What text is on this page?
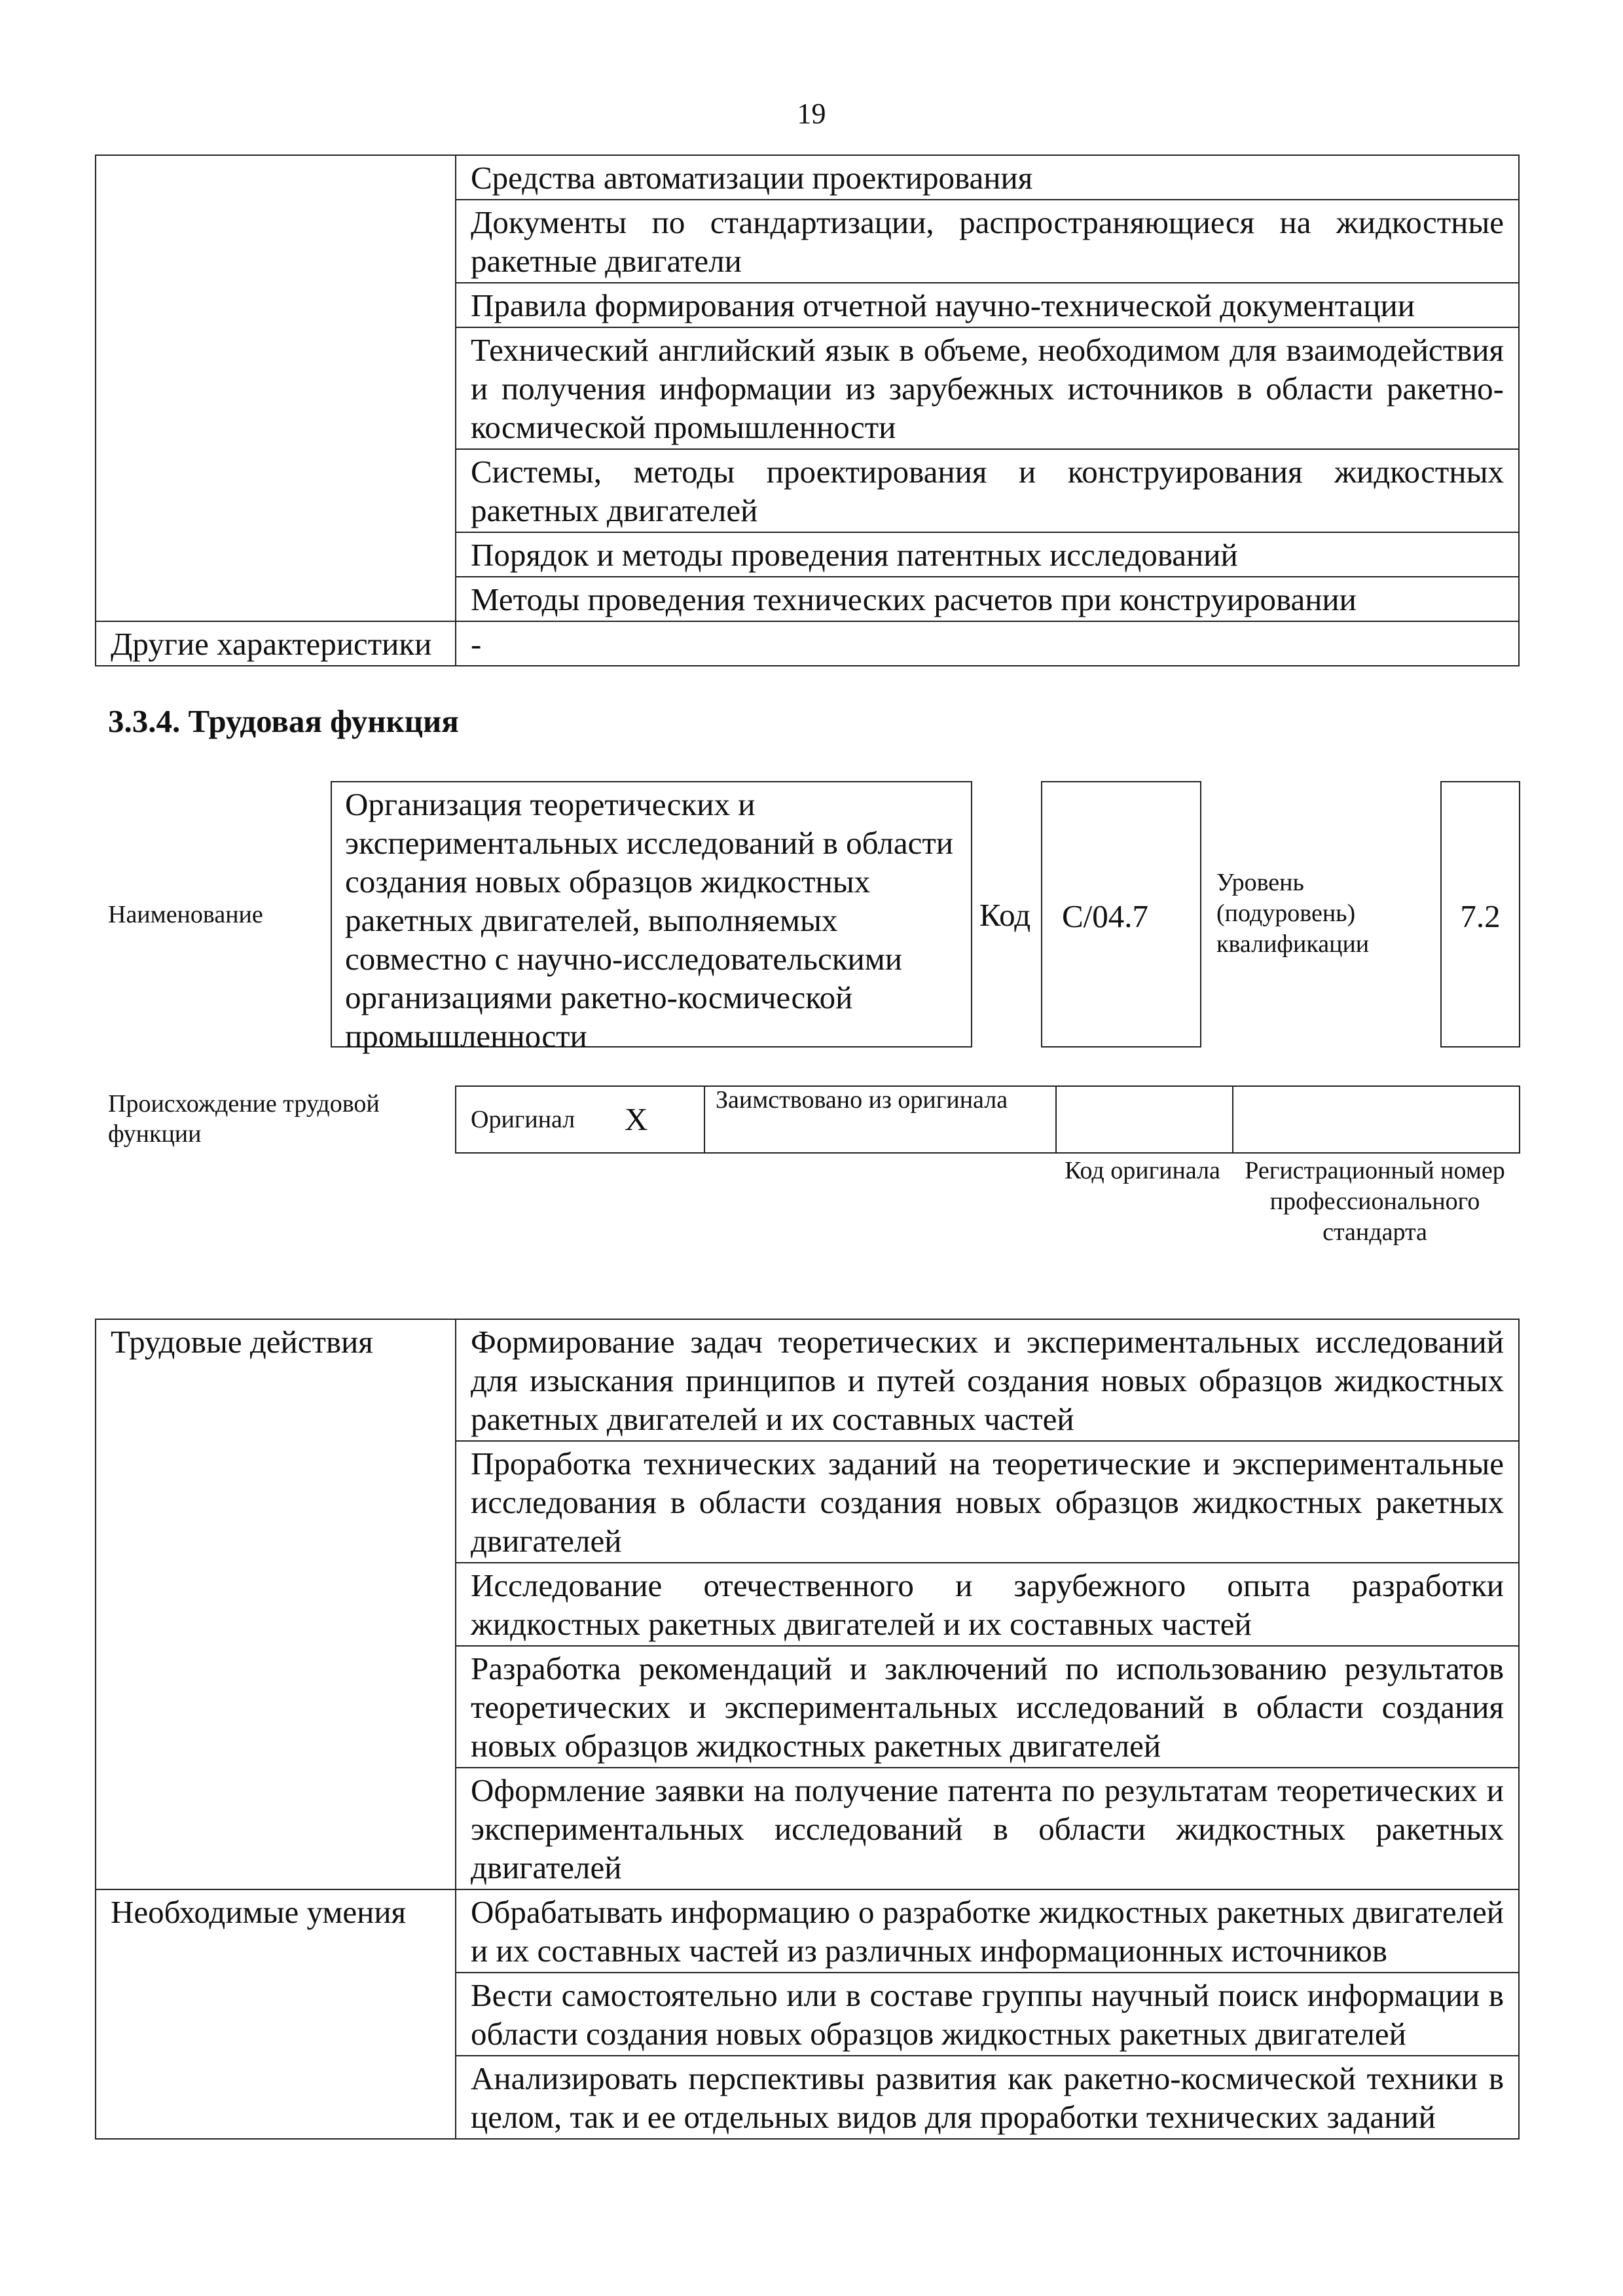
19
	Средства автоматизации проектирования
	Документы по стандартизации, распространяющиеся на жидкостные ракетные двигатели
	Правила формирования отчетной научно-технической документации
	Технический английский язык в объеме, необходимом для взаимодействия и получения информации из зарубежных источников в области ракетно-космической промышленности
	Системы, методы проектирования и конструирования жидкостных ракетных двигателей
	Порядок и методы проведения патентных исследований
	Методы проведения технических расчетов при конструировании
Другие характеристики	-
3.3.4. Трудовая функция
Наименование
Организация теоретических и экспериментальных исследований в области создания новых образцов жидкостных ракетных двигателей, выполняемых совместно с научно-исследовательскими организациями ракетно-космической промышленности
Код C/04.7
Уровень (подуровень) квалификации
7.2
Происхождение трудовой функции
Оригинал	X	Заимствовано из оригинала		
Код оригинала Регистрационный номер профессионального стандарта
Трудовые действия	Формирование задач теоретических и экспериментальных исследований для изыскания принципов и путей создания новых образцов жидкостных ракетных двигателей и их составных частей
	Проработка технических заданий на теоретические и экспериментальные исследования в области создания новых образцов жидкостных ракетных двигателей
	Исследование отечественного и зарубежного опыта разработки жидкостных ракетных двигателей и их составных частей
	Разработка рекомендаций и заключений по использованию результатов теоретических и экспериментальных исследований в области создания новых образцов жидкостных ракетных двигателей
	Оформление заявки на получение патента по результатам теоретических и экспериментальных исследований в области жидкостных ракетных двигателей
Необходимые умения	Обрабатывать информацию о разработке жидкостных ракетных двигателей и их составных частей из различных информационных источников
	Вести самостоятельно или в составе группы научный поиск информации в области создания новых образцов жидкостных ракетных двигателей
	Анализировать перспективы развития как ракетно-космической техники в целом, так и ее отдельных видов для проработки технических заданий
